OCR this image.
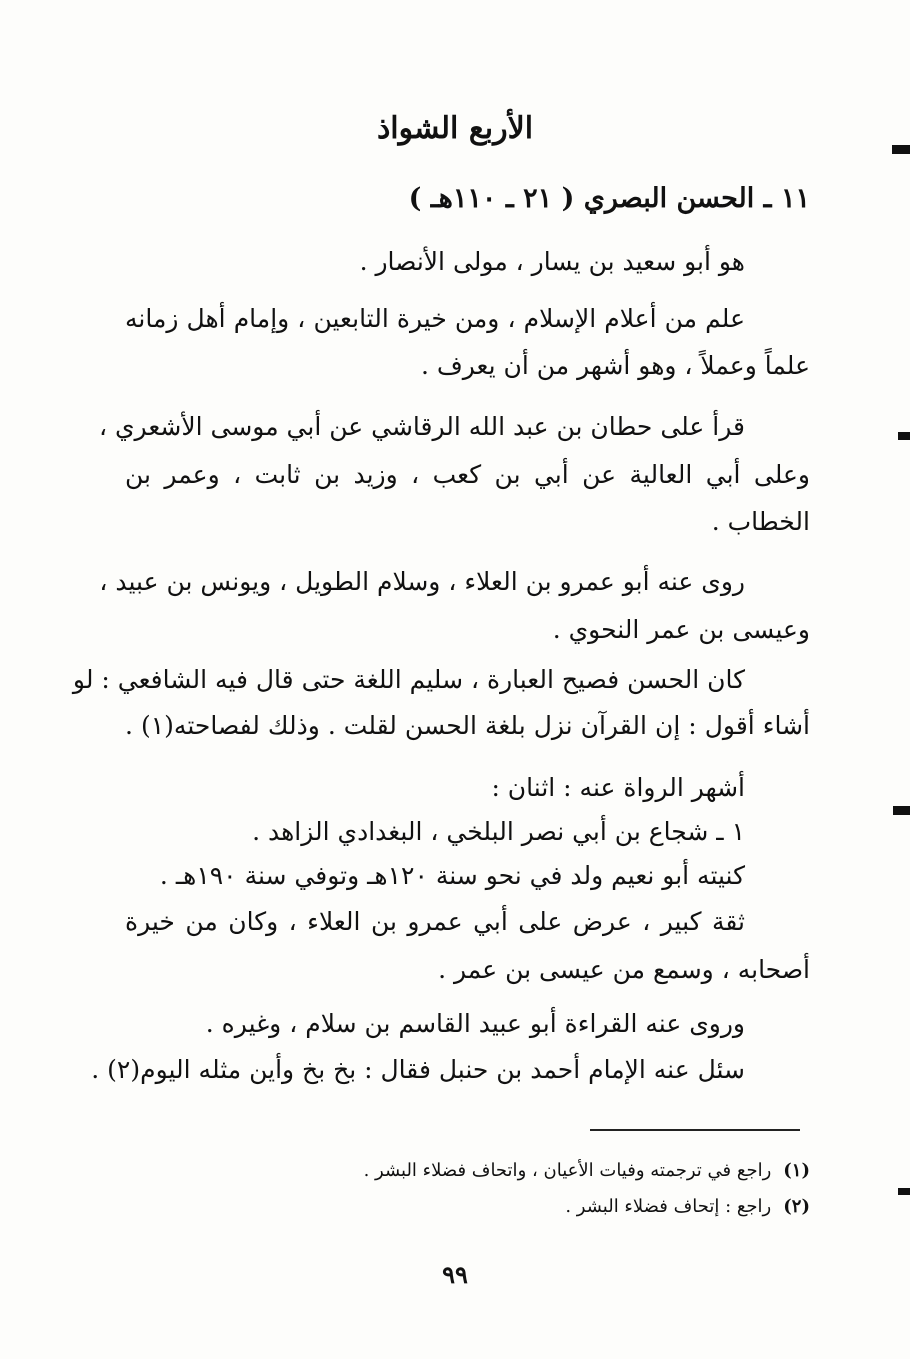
الأربع الشواذ
١١ ـ الحسن البصري ( ٢١ ـ ١١٠هـ )
هو أبو سعيد بن يسار ، مولى الأنصار .
علم من أعلام الإسلام ، ومن خيرة التابعين ، وإمام أهل زمانه
علماً وعملاً ، وهو أشهر من أن يعرف .
قرأ على حطان بن عبد الله الرقاشي عن أبي موسى الأشعري ،
وعلى أبي العالية عن أبي بن كعب ، وزيد بن ثابت ، وعمر بن
الخطاب .
روى عنه أبو عمرو بن العلاء ، وسلام الطويل ، ويونس بن عبيد ،
وعيسى بن عمر النحوي .
كان الحسن فصيح العبارة ، سليم اللغة حتى قال فيه الشافعي : لو
أشاء أقول : إن القرآن نزل بلغة الحسن لقلت . وذلك لفصاحته(١) .
أشهر الرواة عنه : اثنان :
١ ـ شجاع بن أبي نصر البلخي ، البغدادي الزاهد .
كنيته أبو نعيم ولد في نحو سنة ١٢٠هـ وتوفي سنة ١٩٠هـ .
ثقة كبير ، عرض على أبي عمرو بن العلاء ، وكان من خيرة
أصحابه ، وسمع من عيسى بن عمر .
وروى عنه القراءة أبو عبيد القاسم بن سلام ، وغيره .
سئل عنه الإمام أحمد بن حنبل فقال : بخ بخ وأين مثله اليوم(٢) .
(١)راجع في ترجمته وفيات الأعيان ، واتحاف فضلاء البشر .
(٢)راجع : إتحاف فضلاء البشر .
٩٩
